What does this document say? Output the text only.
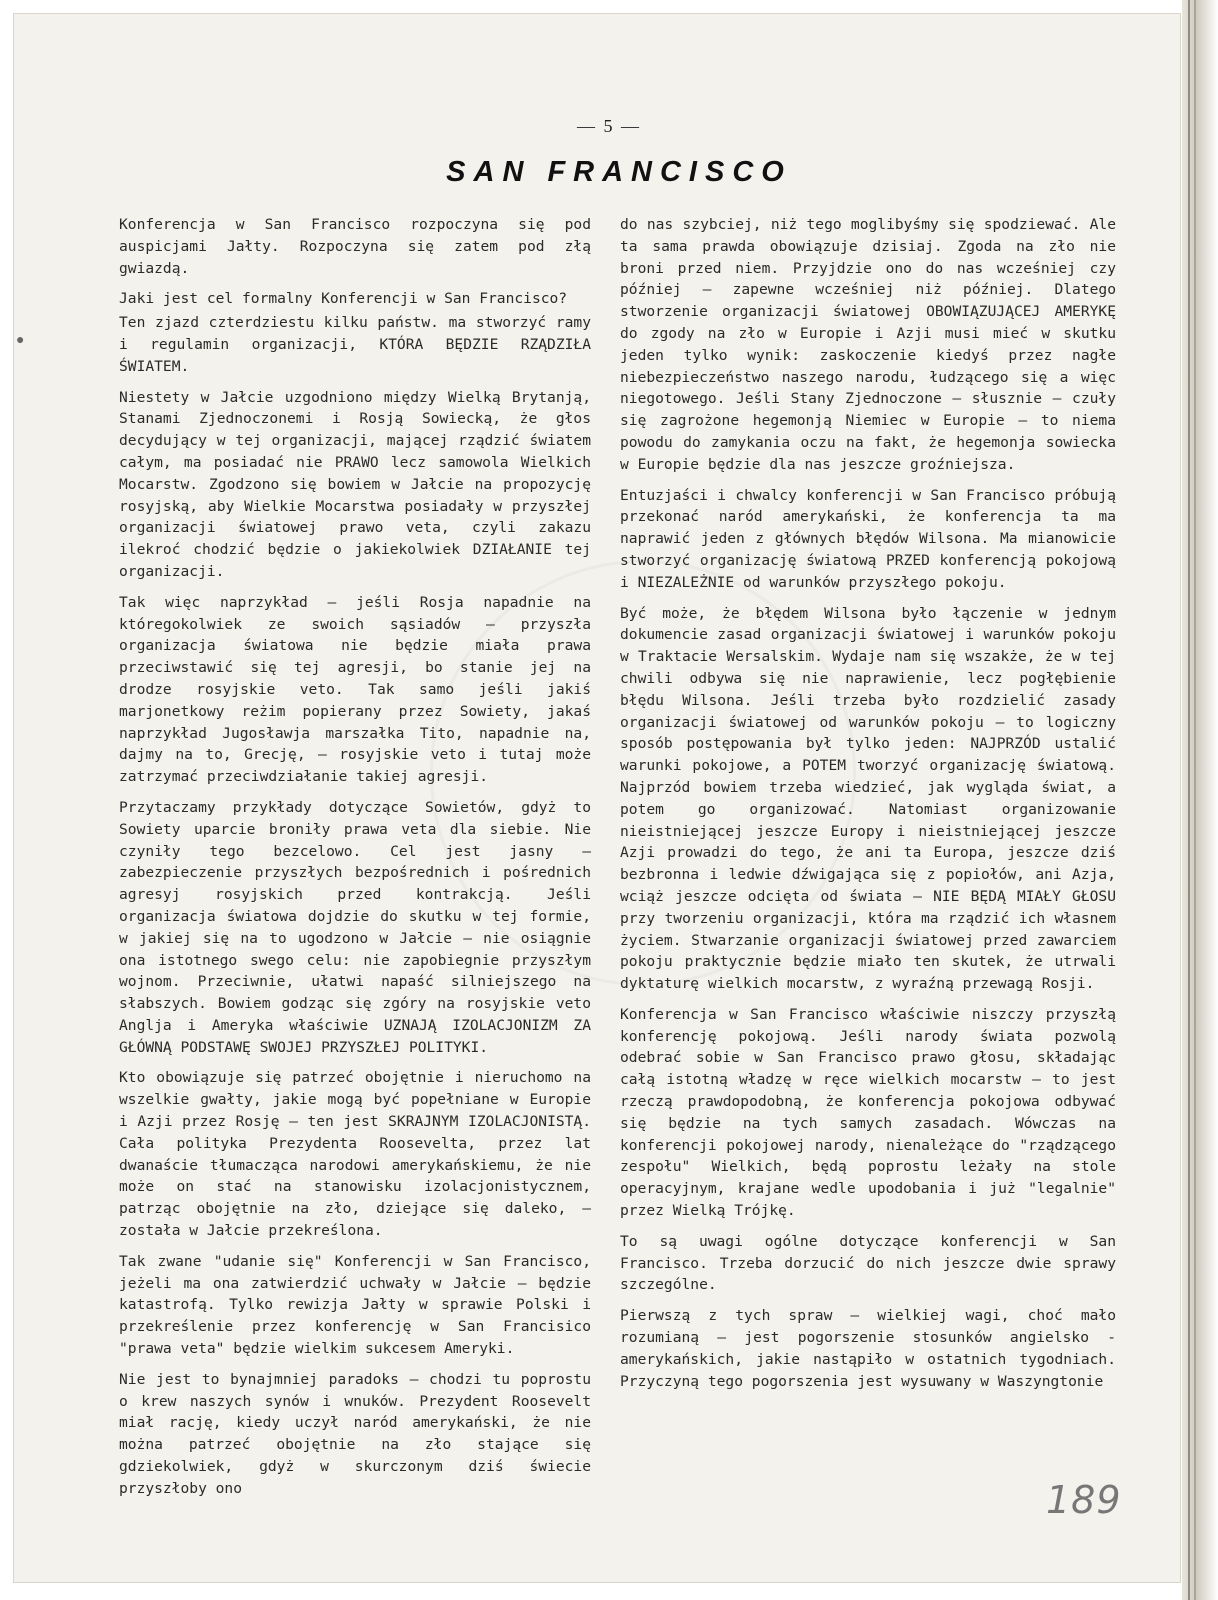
●
— 5 —
SAN FRANCISCO

Konferencja w San Francisco rozpoczyna się pod auspicjami Jałty. Rozpoczyna się zatem pod złą gwiazdą.

Jaki jest cel formalny Konferencji w San Francisco?

Ten zjazd czterdziestu kilku państw. ma stworzyć ramy i regulamin organizacji, KTÓRA BĘDZIE RZĄDZIŁA ŚWIATEM.

Niestety w Jałcie uzgodniono między Wielką Brytanją, Stanami Zjednoczonemi i Rosją Sowiecką, że głos decydujący w tej organizacji, mającej rządzić światem całym, ma posiadać nie PRAWO lecz samowola Wielkich Mocarstw. Zgodzono się bowiem w Jałcie na propozycję rosyjską, aby Wielkie Mocarstwa posiadały w przyszłej organizacji światowej prawo veta, czyli zakazu ilekroć chodzić będzie o jakiekolwiek DZIAŁANIE tej organizacji.

Tak więc naprzykład — jeśli Rosja napadnie na któregokolwiek ze swoich sąsiadów — przyszła organizacja światowa nie będzie miała prawa przeciwstawić się tej agresji, bo stanie jej na drodze rosyjskie veto. Tak samo jeśli jakiś marjonetkowy reżim popierany przez Sowiety, jakaś naprzykład Jugosławja marszałka Tito, napadnie na, dajmy na to, Grecję, — rosyjskie veto i tutaj może zatrzymać przeciwdziałanie takiej agresji.

Przytaczamy przykłady dotyczące Sowietów, gdyż to Sowiety uparcie broniły prawa veta dla siebie. Nie czyniły tego bezcelowo. Cel jest jasny — zabezpieczenie przyszłych bezpośrednich i pośrednich agresyj rosyjskich przed kontrakcją. Jeśli organizacja światowa dojdzie do skutku w tej formie, w jakiej się na to ugodzono w Jałcie — nie osiągnie ona istotnego swego celu: nie zapobiegnie przyszłym wojnom. Przeciwnie, ułatwi napaść silniejszego na słabszych. Bowiem godząc się zgóry na rosyjskie veto Anglja i Ameryka właściwie UZNAJĄ IZOLACJONIZM ZA GŁÓWNĄ PODSTAWĘ SWOJEJ PRZYSZŁEJ POLITYKI.

Kto obowiązuje się patrzeć obojętnie i nieruchomo na wszelkie gwałty, jakie mogą być popełniane w Europie i Azji przez Rosję — ten jest SKRAJNYM IZOLACJONISTĄ. Cała polityka Prezydenta Roosevelta, przez lat dwanaście tłumacząca narodowi amerykańskiemu, że nie może on stać na stanowisku izolacjonistycznem, patrząc obojętnie na zło, dziejące się daleko, — została w Jałcie przekreślona.

Tak zwane "udanie się" Konferencji w San Francisco, jeżeli ma ona zatwierdzić uchwały w Jałcie — będzie katastrofą. Tylko rewizja Jałty w sprawie Polski i przekreślenie przez konferencję w San Francisico "prawa veta" będzie wielkim sukcesem Ameryki.

Nie jest to bynajmniej paradoks — chodzi tu poprostu o krew naszych synów i wnuków. Prezydent Roosevelt miał rację, kiedy uczył naród amerykański, że nie można patrzeć obojętnie na zło stające się gdziekolwiek, gdyż w skurczonym dziś świecie przyszłoby ono

do nas szybciej, niż tego moglibyśmy się spodziewać. Ale ta sama prawda obowiązuje dzisiaj. Zgoda na zło nie broni przed niem. Przyjdzie ono do nas wcześniej czy później — zapewne wcześniej niż później. Dlatego stworzenie organizacji światowej OBOWIĄZUJĄCEJ AMERYKĘ do zgody na zło w Europie i Azji musi mieć w skutku jeden tylko wynik: zaskoczenie kiedyś przez nagłe niebezpieczeństwo naszego narodu, łudzącego się a więc niegotowego. Jeśli Stany Zjednoczone — słusznie — czuły się zagrożone hegemonją Niemiec w Europie — to niema powodu do zamykania oczu na fakt, że hegemonja sowiecka w Europie będzie dla nas jeszcze groźniejsza.

Entuzjaści i chwalcy konferencji w San Francisco próbują przekonać naród amerykański, że konferencja ta ma naprawić jeden z głównych błędów Wilsona. Ma mianowicie stworzyć organizację światową PRZED konferencją pokojową i NIEZALEŻNIE od warunków przyszłego pokoju.

Być może, że błędem Wilsona było łączenie w jednym dokumencie zasad organizacji światowej i warunków pokoju w Traktacie Wersalskim. Wydaje nam się wszakże, że w tej chwili odbywa się nie naprawienie, lecz pogłębienie błędu Wilsona. Jeśli trzeba było rozdzielić zasady organizacji światowej od warunków pokoju — to logiczny sposób postępowania był tylko jeden: NAJPRZÓD ustalić warunki pokojowe, a POTEM tworzyć organizację światową. Najprzód bowiem trzeba wiedzieć, jak wygląda świat, a potem go organizować. Natomiast organizowanie nieistniejącej jeszcze Europy i nieistniejącej jeszcze Azji prowadzi do tego, że ani ta Europa, jeszcze dziś bezbronna i ledwie dźwigająca się z popiołów, ani Azja, wciąż jeszcze odcięta od świata — NIE BĘDĄ MIAŁY GŁOSU przy tworzeniu organizacji, która ma rządzić ich własnem życiem. Stwarzanie organizacji światowej przed zawarciem pokoju praktycznie będzie miało ten skutek, że utrwali dyktaturę wielkich mocarstw, z wyraźną przewagą Rosji.

Konferencja w San Francisco właściwie niszczy przyszłą konferencję pokojową. Jeśli narody świata pozwolą odebrać sobie w San Francisco prawo głosu, składając całą istotną władzę w ręce wielkich mocarstw — to jest rzeczą prawdopodobną, że konferencja pokojowa odbywać się będzie na tych samych zasadach. Wówczas na konferencji pokojowej narody, nienależące do "rządzącego zespołu" Wielkich, będą poprostu leżały na stole operacyjnym, krajane wedle upodobania i już "legalnie" przez Wielką Trójkę.

To są uwagi ogólne dotyczące konferencji w San Francisco. Trzeba dorzucić do nich jeszcze dwie sprawy szczególne.

Pierwszą z tych spraw — wielkiej wagi, choć mało rozumianą — jest pogorszenie stosunków angielsko - amerykańskich, jakie nastąpiło w ostatnich tygodniach. Przyczyną tego pogorszenia jest wysuwany w Waszyngtonie

189
